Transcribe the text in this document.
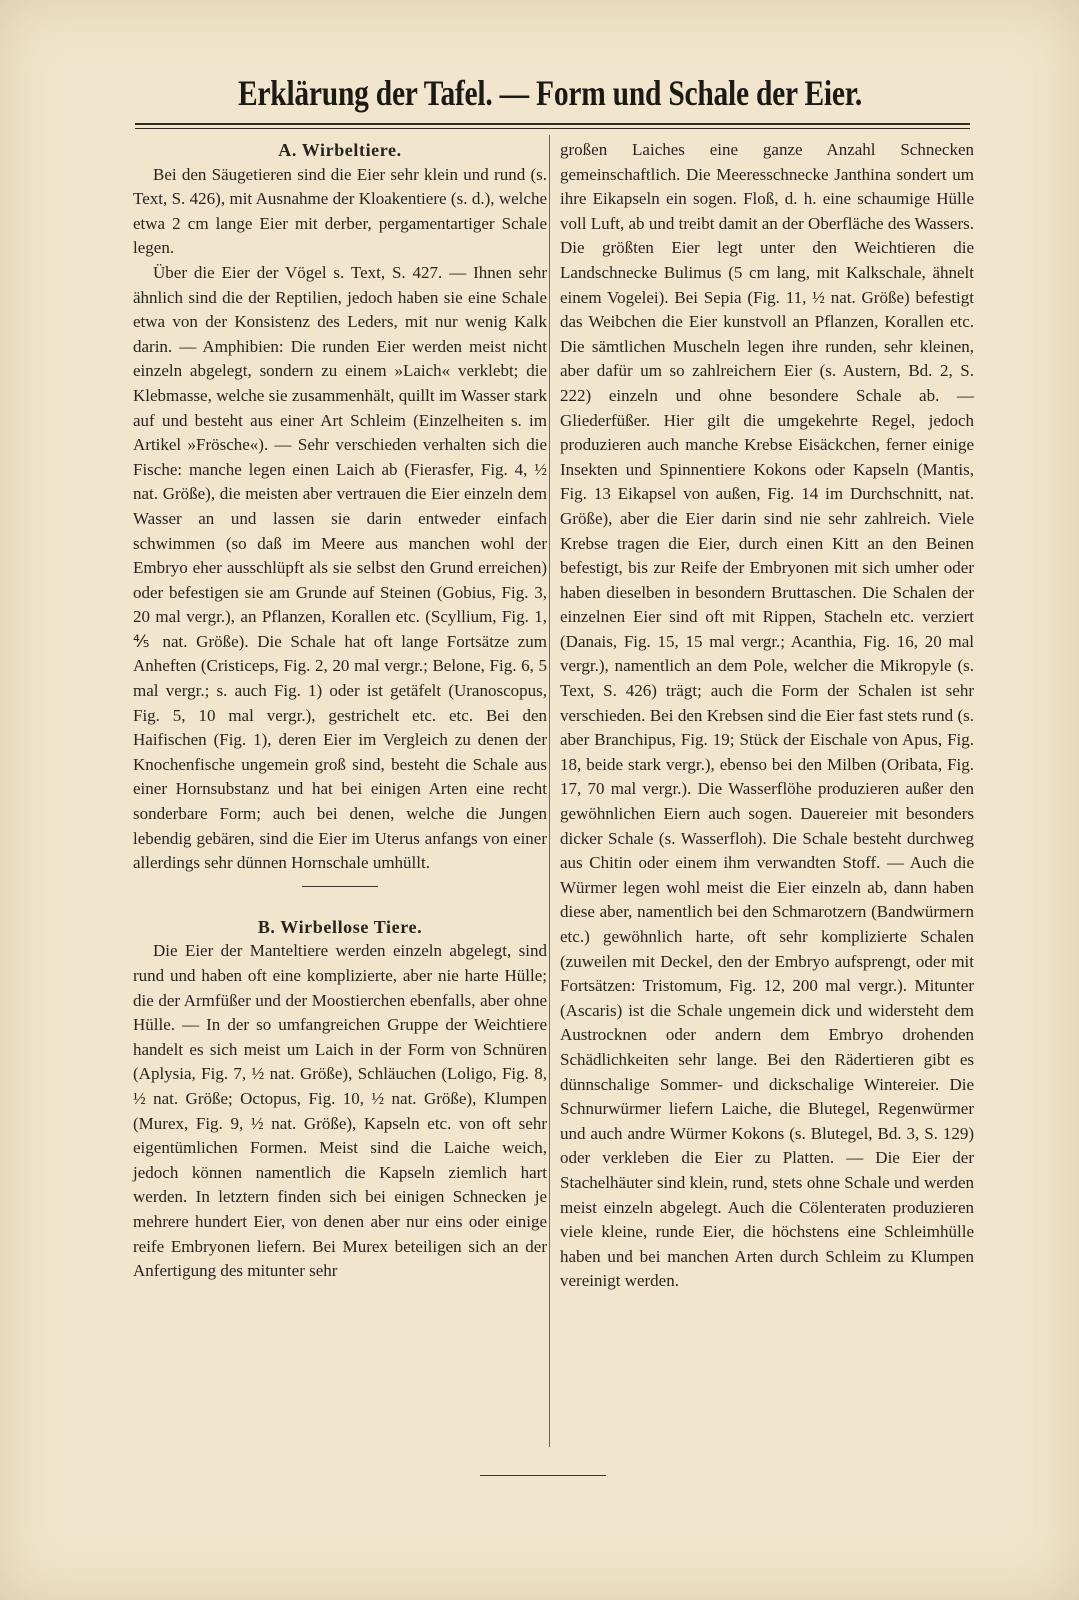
Erklärung der Tafel. — Form und Schale der Eier.

A. Wirbeltiere.

Bei den Säugetieren sind die Eier sehr klein und rund (s. Text, S. 426), mit Ausnahme der Kloakentiere (s. d.), welche etwa 2 cm lange Eier mit derber, pergamentartiger Schale legen.

Über die Eier der Vögel s. Text, S. 427. — Ihnen sehr ähnlich sind die der Reptilien, jedoch haben sie eine Schale etwa von der Konsistenz des Leders, mit nur wenig Kalk darin. — Amphibien: Die runden Eier werden meist nicht einzeln abgelegt, sondern zu einem »Laich« verklebt; die Klebmasse, welche sie zusammenhält, quillt im Wasser stark auf und besteht aus einer Art Schleim (Einzelheiten s. im Artikel »Frösche«). — Sehr verschieden verhalten sich die Fische: manche legen einen Laich ab (Fierasfer, Fig. 4, ½ nat. Größe), die meisten aber vertrauen die Eier einzeln dem Wasser an und lassen sie darin entweder einfach schwimmen (so daß im Meere aus manchen wohl der Embryo eher ausschlüpft als sie selbst den Grund erreichen) oder befestigen sie am Grunde auf Steinen (Gobius, Fig. 3, 20 mal vergr.), an Pflanzen, Korallen etc. (Scyllium, Fig. 1, ⅘ nat. Größe). Die Schale hat oft lange Fortsätze zum Anheften (Cristiceps, Fig. 2, 20 mal vergr.; Belone, Fig. 6, 5 mal vergr.; s. auch Fig. 1) oder ist getäfelt (Uranoscopus, Fig. 5, 10 mal vergr.), gestrichelt etc. etc. Bei den Haifischen (Fig. 1), deren Eier im Vergleich zu denen der Knochenfische ungemein groß sind, besteht die Schale aus einer Hornsubstanz und hat bei einigen Arten eine recht sonderbare Form; auch bei denen, welche die Jungen lebendig gebären, sind die Eier im Uterus anfangs von einer allerdings sehr dünnen Hornschale umhüllt.

B. Wirbellose Tiere.

Die Eier der Manteltiere werden einzeln abgelegt, sind rund und haben oft eine komplizierte, aber nie harte Hülle; die der Armfüßer und der Moostierchen ebenfalls, aber ohne Hülle. — In der so umfangreichen Gruppe der Weichtiere handelt es sich meist um Laich in der Form von Schnüren (Aplysia, Fig. 7, ½ nat. Größe), Schläuchen (Loligo, Fig. 8, ½ nat. Größe; Octopus, Fig. 10, ½ nat. Größe), Klumpen (Murex, Fig. 9, ½ nat. Größe), Kapseln etc. von oft sehr eigentümlichen Formen. Meist sind die Laiche weich, jedoch können namentlich die Kapseln ziemlich hart werden. In letztern finden sich bei einigen Schnecken je mehrere hundert Eier, von denen aber nur eins oder einige reife Embryonen liefern. Bei Murex beteiligen sich an der Anfertigung des mitunter sehr

großen Laiches eine ganze Anzahl Schnecken gemeinschaftlich. Die Meeresschnecke Janthina sondert um ihre Eikapseln ein sogen. Floß, d. h. eine schaumige Hülle voll Luft, ab und treibt damit an der Oberfläche des Wassers. Die größten Eier legt unter den Weichtieren die Landschnecke Bulimus (5 cm lang, mit Kalkschale, ähnelt einem Vogelei). Bei Sepia (Fig. 11, ½ nat. Größe) befestigt das Weibchen die Eier kunstvoll an Pflanzen, Korallen etc. Die sämtlichen Muscheln legen ihre runden, sehr kleinen, aber dafür um so zahlreichern Eier (s. Austern, Bd. 2, S. 222) einzeln und ohne besondere Schale ab. — Gliederfüßer. Hier gilt die umgekehrte Regel, jedoch produzieren auch manche Krebse Eisäckchen, ferner einige Insekten und Spinnentiere Kokons oder Kapseln (Mantis, Fig. 13 Eikapsel von außen, Fig. 14 im Durchschnitt, nat. Größe), aber die Eier darin sind nie sehr zahlreich. Viele Krebse tragen die Eier, durch einen Kitt an den Beinen befestigt, bis zur Reife der Embryonen mit sich umher oder haben dieselben in besondern Bruttaschen. Die Schalen der einzelnen Eier sind oft mit Rippen, Stacheln etc. verziert (Danais, Fig. 15, 15 mal vergr.; Acanthia, Fig. 16, 20 mal vergr.), namentlich an dem Pole, welcher die Mikropyle (s. Text, S. 426) trägt; auch die Form der Schalen ist sehr verschieden. Bei den Krebsen sind die Eier fast stets rund (s. aber Branchipus, Fig. 19; Stück der Eischale von Apus, Fig. 18, beide stark vergr.), ebenso bei den Milben (Oribata, Fig. 17, 70 mal vergr.). Die Wasserflöhe produzieren außer den gewöhnlichen Eiern auch sogen. Dauereier mit besonders dicker Schale (s. Wasserfloh). Die Schale besteht durchweg aus Chitin oder einem ihm verwandten Stoff. — Auch die Würmer legen wohl meist die Eier einzeln ab, dann haben diese aber, namentlich bei den Schmarotzern (Bandwürmern etc.) gewöhnlich harte, oft sehr komplizierte Schalen (zuweilen mit Deckel, den der Embryo aufsprengt, oder mit Fortsätzen: Tristomum, Fig. 12, 200 mal vergr.). Mitunter (Ascaris) ist die Schale ungemein dick und widersteht dem Austrocknen oder andern dem Embryo drohenden Schädlichkeiten sehr lange. Bei den Rädertieren gibt es dünnschalige Sommer- und dickschalige Wintereier. Die Schnurwürmer liefern Laiche, die Blutegel, Regenwürmer und auch andre Würmer Kokons (s. Blutegel, Bd. 3, S. 129) oder verkleben die Eier zu Platten. — Die Eier der Stachelhäuter sind klein, rund, stets ohne Schale und werden meist einzeln abgelegt. Auch die Cölenteraten produzieren viele kleine, runde Eier, die höchstens eine Schleimhülle haben und bei manchen Arten durch Schleim zu Klumpen vereinigt werden.
